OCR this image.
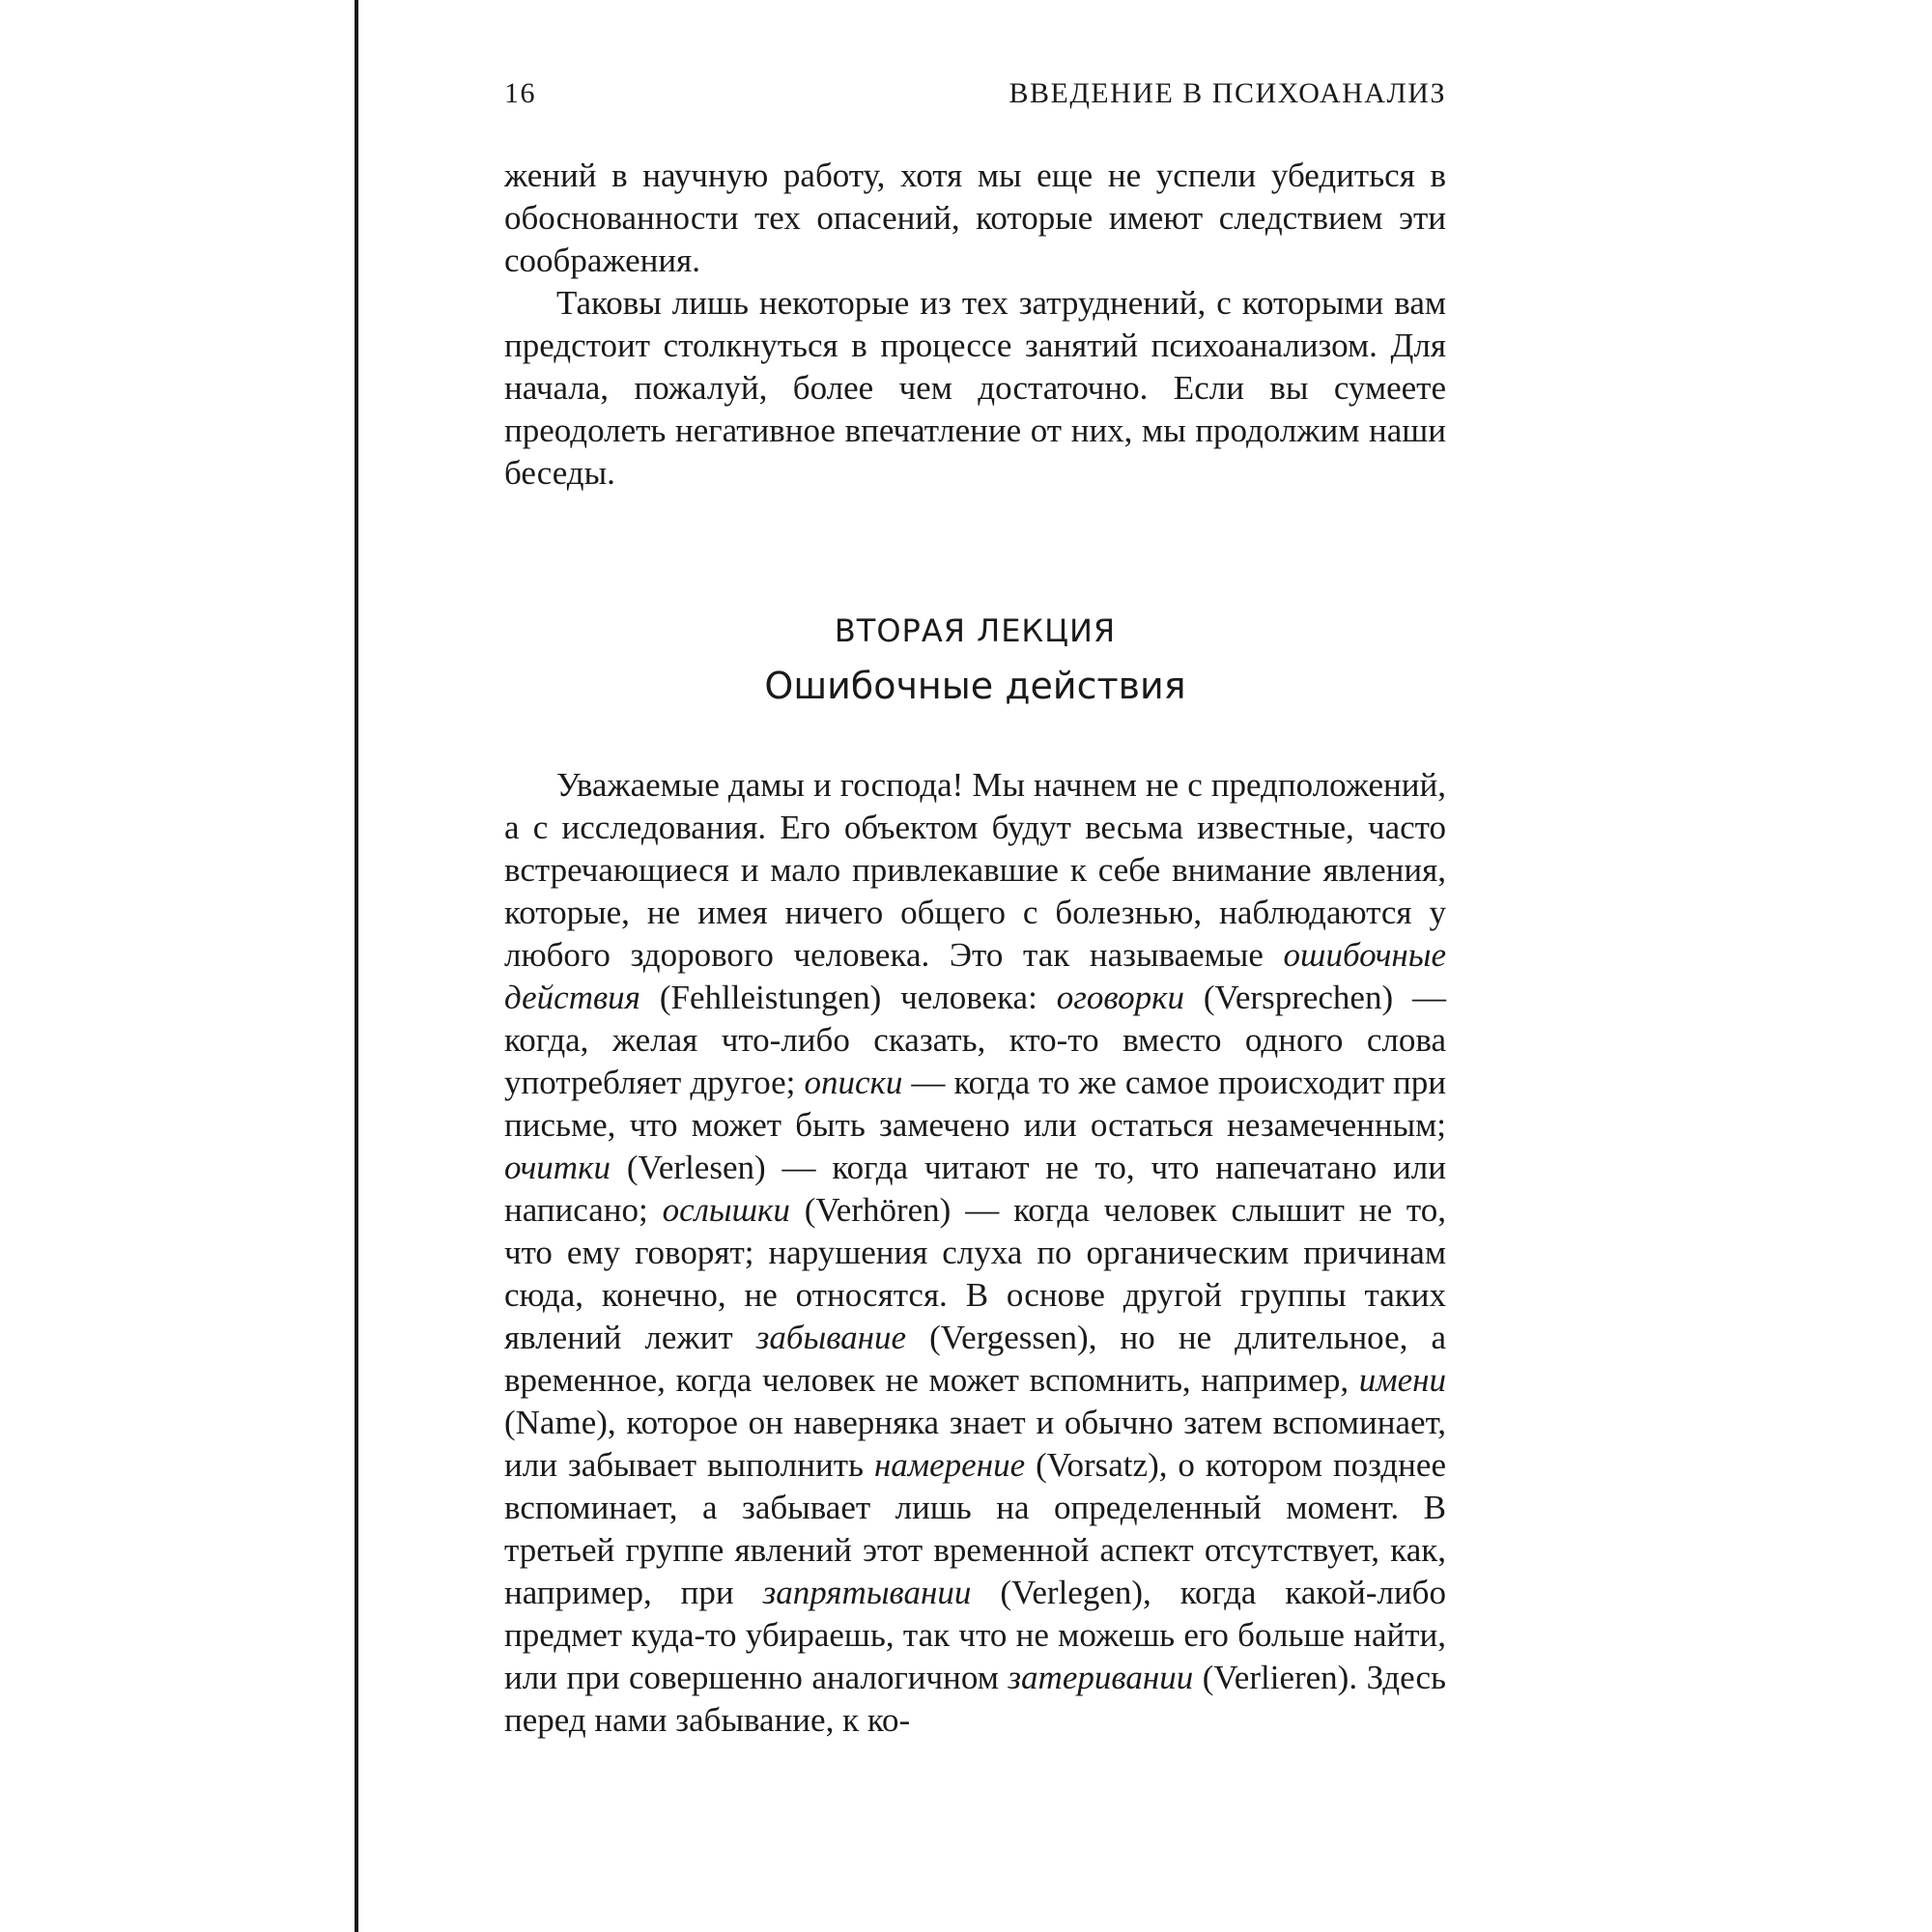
16	ВВЕДЕНИЕ В ПСИХОАНАЛИЗ

жений в научную работу, хотя мы еще не успели убедиться в обоснованности тех опасений, которые имеют следствием эти соображения.

Таковы лишь некоторые из тех затруднений, с которыми вам предстоит столкнуться в процессе занятий психоанализом. Для начала, пожалуй, более чем достаточно. Если вы сумеете преодолеть негативное впечатление от них, мы продолжим наши беседы.

ВТОРАЯ ЛЕКЦИЯ
Ошибочные действия

Уважаемые дамы и господа! Мы начнем не с предположений, а с исследования. Его объектом будут весьма известные, часто встречающиеся и мало привлекавшие к себе внимание явления, которые, не имея ничего общего с болезнью, наблюдаются у любого здорового человека. Это так называемые ошибочные действия (Fehlleistungen) человека: оговорки (Versprechen) — когда, желая что-либо сказать, кто-то вместо одного слова употребляет другое; описки — когда то же самое происходит при письме, что может быть замечено или остаться незамеченным; очитки (Verlesen) — когда читают не то, что напечатано или написано; ослышки (Verhören) — когда человек слышит не то, что ему говорят; нарушения слуха по органическим причинам сюда, конечно, не относятся. В основе другой группы таких явлений лежит забывание (Vergessen), но не длительное, а временное, когда человек не может вспомнить, например, имени (Name), которое он наверняка знает и обычно затем вспоминает, или забывает выполнить намерение (Vorsatz), о котором позднее вспоминает, а забывает лишь на определенный момент. В третьей группе явлений этот временной аспект отсутствует, как, например, при запрятывании (Verlegen), когда какой-либо предмет куда-то убираешь, так что не можешь его больше найти, или при совершенно аналогичном затеривании (Verlieren). Здесь перед нами забывание, к ко-
